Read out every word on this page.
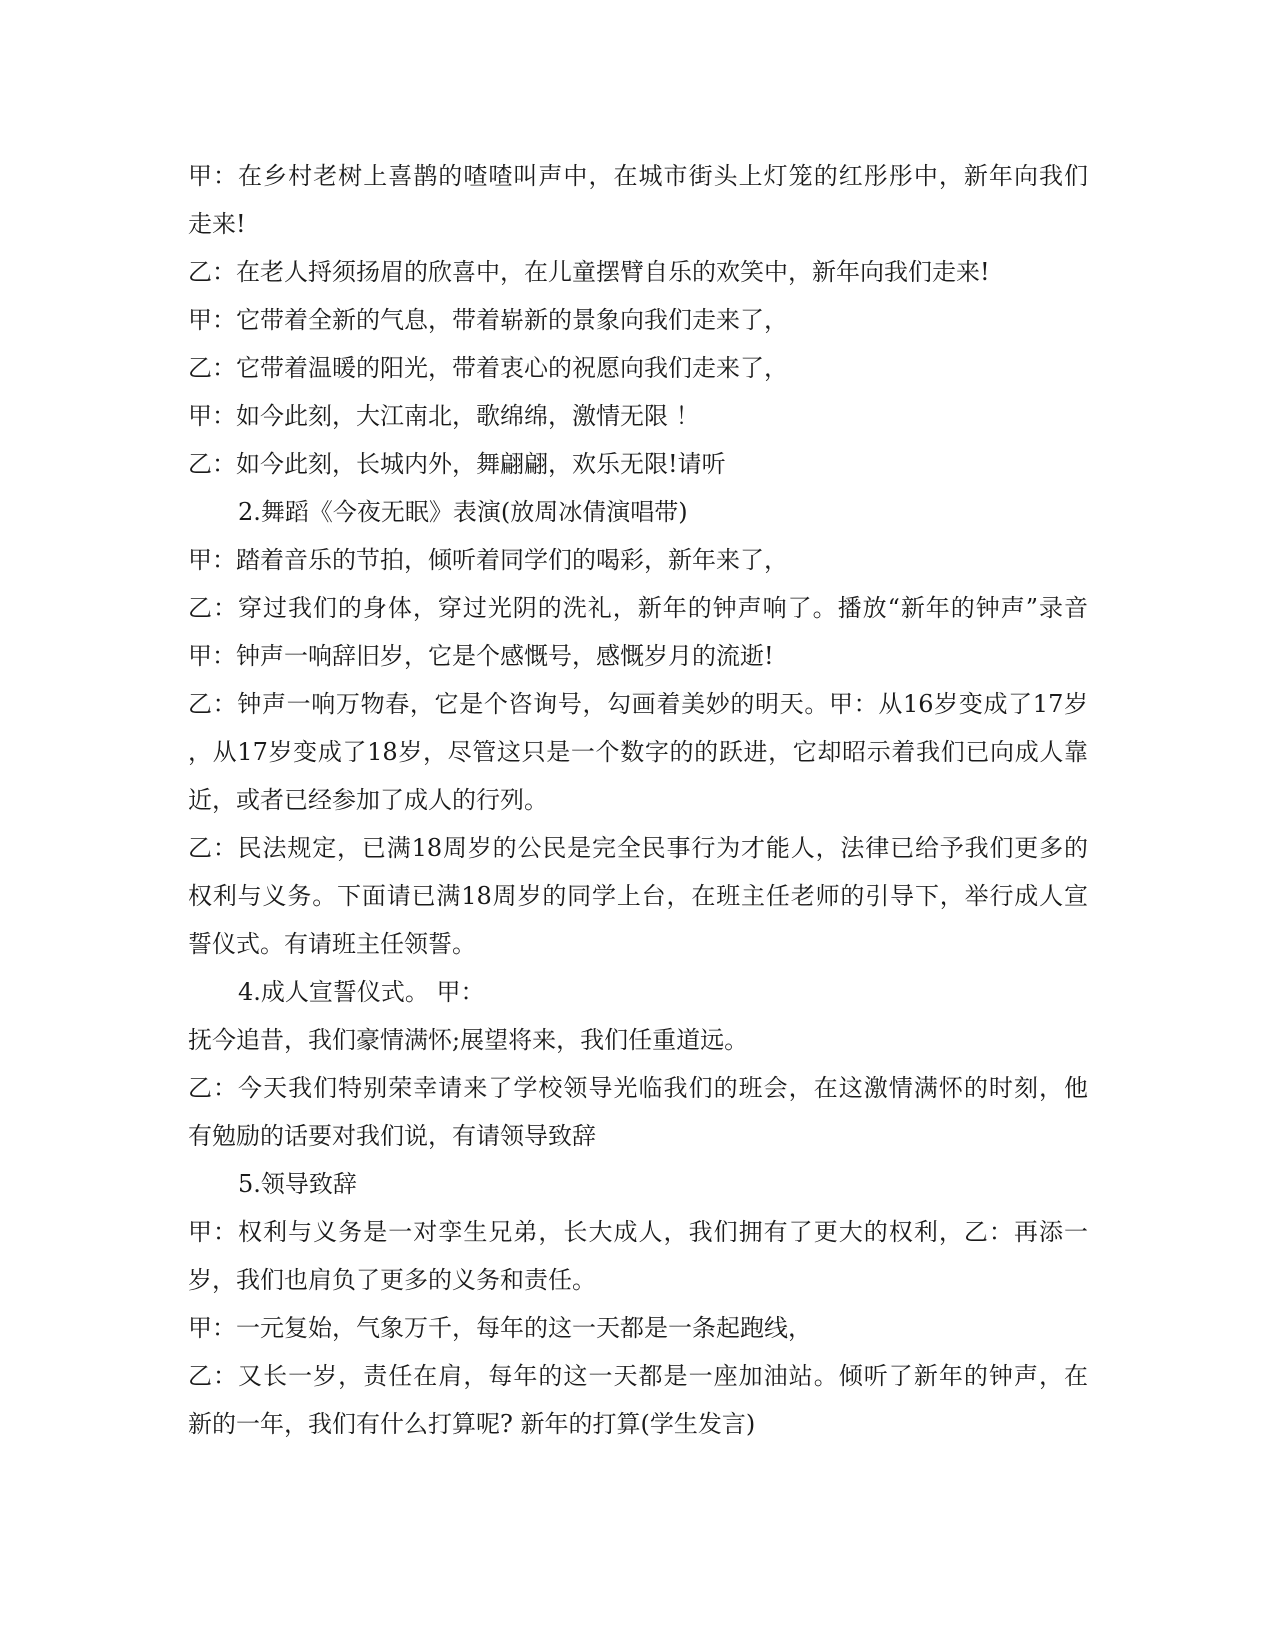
甲：在乡村老树上喜鹊的喳喳叫声中，在城市街头上灯笼的红彤彤中，新年向我们
走来!
乙：在老人捋须扬眉的欣喜中，在儿童摆臂自乐的欢笑中，新年向我们走来!
甲：它带着全新的气息，带着崭新的景象向我们走来了，
乙：它带着温暖的阳光，带着衷心的祝愿向我们走来了，
甲：如今此刻，大江南北，歌绵绵，激情无限 ！
乙：如今此刻，长城内外，舞翩翩，欢乐无限!请听
2.舞蹈《今夜无眠》表演(放周冰倩演唱带)
甲：踏着音乐的节拍，倾听着同学们的喝彩，新年来了，
乙：穿过我们的身体，穿过光阴的洗礼，新年的钟声响了。播放“新年的钟声”录音
甲：钟声一响辞旧岁，它是个感慨号，感慨岁月的流逝!
乙：钟声一响万物春，它是个咨询号，勾画着美妙的明天。甲：从16岁变成了17岁
，从17岁变成了18岁，尽管这只是一个数字的的跃进，它却昭示着我们已向成人靠
近，或者已经参加了成人的行列。
乙：民法规定，已满18周岁的公民是完全民事行为才能人，法律已给予我们更多的
权利与义务。下面请已满18周岁的同学上台，在班主任老师的引导下，举行成人宣
誓仪式。有请班主任领誓。
4.成人宣誓仪式。 甲：
抚今追昔，我们豪情满怀;展望将来，我们任重道远。
乙：今天我们特别荣幸请来了学校领导光临我们的班会，在这激情满怀的时刻，他
有勉励的话要对我们说，有请领导致辞
5.领导致辞
甲：权利与义务是一对孪生兄弟，长大成人，我们拥有了更大的权利，乙：再添一
岁，我们也肩负了更多的义务和责任。
甲：一元复始，气象万千，每年的这一天都是一条起跑线，
乙：又长一岁，责任在肩，每年的这一天都是一座加油站。倾听了新年的钟声，在
新的一年，我们有什么打算呢? 新年的打算(学生发言)
